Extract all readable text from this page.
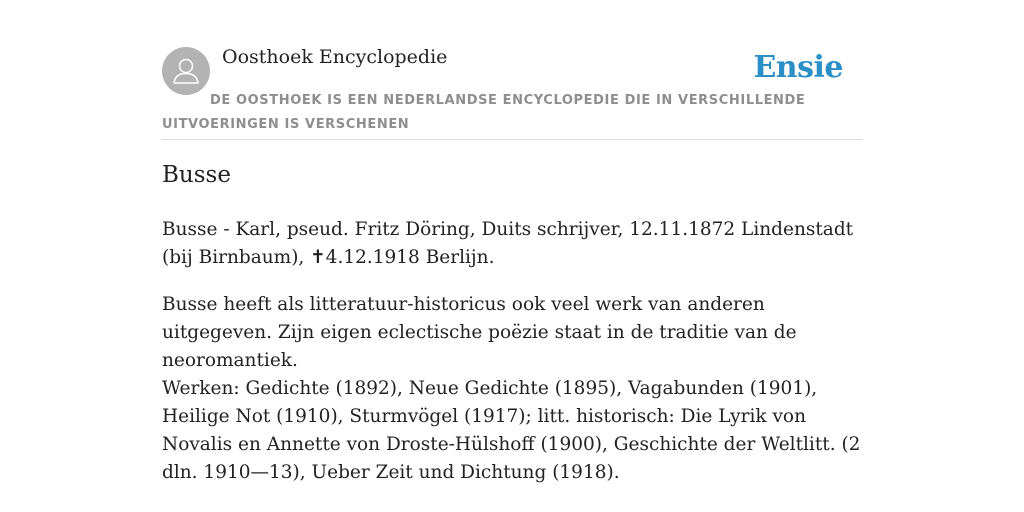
Oosthoek Encyclopedie	Ensie
DE OOSTHOEK IS EEN NEDERLANDSE ENCYCLOPEDIE DIE IN VERSCHILLENDE UITVOERINGEN IS VERSCHENEN
Busse

Busse - Karl, pseud. Fritz Döring, Duits schrijver, 12.11.1872 Lindenstadt (bij Birnbaum), ✝4.12.1918 Berlijn.

Busse heeft als litteratuur-historicus ook veel werk van anderen uitgegeven. Zijn eigen eclectische poëzie staat in de traditie van de neoromantiek.

Werken: Gedichte (1892), Neue Gedichte (1895), Vagabunden (1901), Heilige Not (1910), Sturmvögel (1917); litt. historisch: Die Lyrik von Novalis en Annette von Droste-Hülshoff (1900), Geschichte der Weltlitt. (2 dln. 1910—13), Ueber Zeit und Dichtung (1918).
